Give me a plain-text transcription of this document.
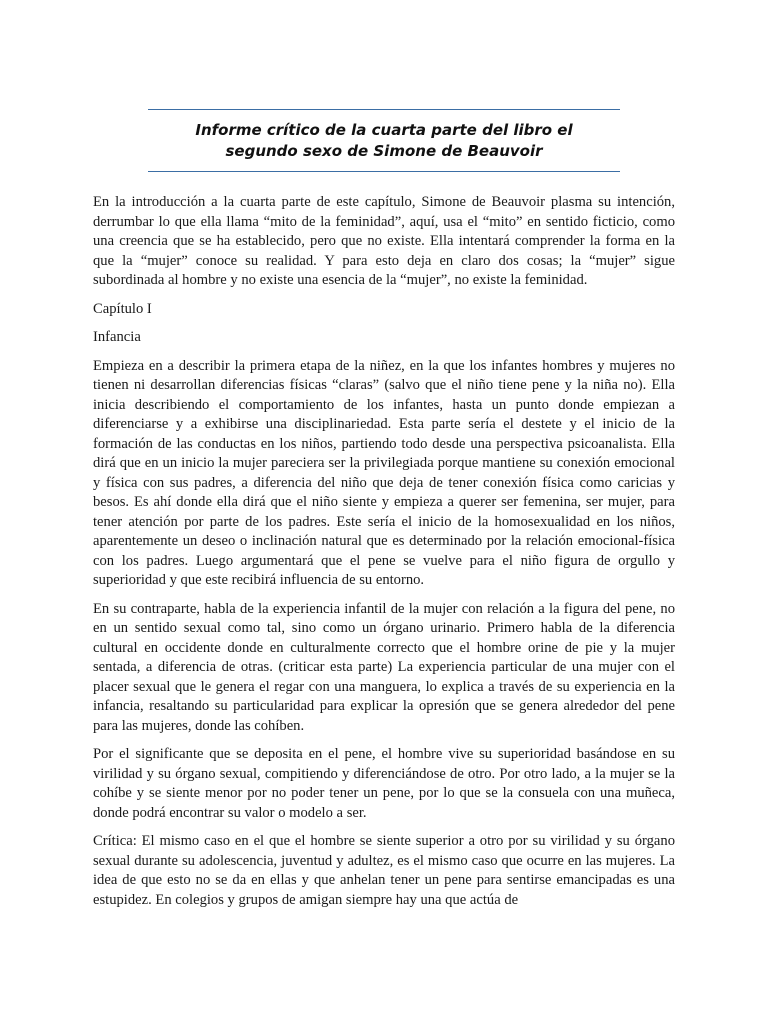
Informe crítico de la cuarta parte del libro el
segundo sexo de Simone de Beauvoir

En la introducción a la cuarta parte de este capítulo, Simone de Beauvoir plasma su intención, derrumbar lo que ella llama “mito de la feminidad”, aquí, usa el “mito” en sentido ficticio, como una creencia que se ha establecido, pero que no existe. Ella intentará comprender la forma en la que la “mujer” conoce su realidad. Y para esto deja en claro dos cosas; la “mujer” sigue subordinada al hombre y no existe una esencia de la “mujer”, no existe la feminidad.

Capítulo I

Infancia

Empieza en a describir la primera etapa de la niñez, en la que los infantes hombres y mujeres no tienen ni desarrollan diferencias físicas “claras” (salvo que el niño tiene pene y la niña no). Ella inicia describiendo el comportamiento de los infantes, hasta un punto donde empiezan a diferenciarse y a exhibirse una disciplinariedad. Esta parte sería el destete y el inicio de la formación de las conductas en los niños, partiendo todo desde una perspectiva psicoanalista. Ella dirá que en un inicio la mujer pareciera ser la privilegiada porque mantiene su conexión emocional y física con sus padres, a diferencia del niño que deja de tener conexión física como caricias y besos. Es ahí donde ella dirá que el niño siente y empieza a querer ser femenina, ser mujer, para tener atención por parte de los padres. Este sería el inicio de la homosexualidad en los niños, aparentemente un deseo o inclinación natural que es determinado por la relación emocional-física con los padres. Luego argumentará que el pene se vuelve para el niño figura de orgullo y superioridad y que este recibirá influencia de su entorno.

En su contraparte, habla de la experiencia infantil de la mujer con relación a la figura del pene, no en un sentido sexual como tal, sino como un órgano urinario. Primero habla de la diferencia cultural en occidente donde en culturalmente correcto que el hombre orine de pie y la mujer sentada, a diferencia de otras. (criticar esta parte) La experiencia particular de una mujer con el placer sexual que le genera el regar con una manguera, lo explica a través de su experiencia en la infancia, resaltando su particularidad para explicar la opresión que se genera alrededor del pene para las mujeres, donde las cohíben.

Por el significante que se deposita en el pene, el hombre vive su superioridad basándose en su virilidad y su órgano sexual, compitiendo y diferenciándose de otro. Por otro lado, a la mujer se la cohíbe y se siente menor por no poder tener un pene, por lo que se la consuela con una muñeca, donde podrá encontrar su valor o modelo a ser.

Crítica: El mismo caso en el que el hombre se siente superior a otro por su virilidad y su órgano sexual durante su adolescencia, juventud y adultez, es el mismo caso que ocurre en las mujeres. La idea de que esto no se da en ellas y que anhelan tener un pene para sentirse emancipadas es una estupidez. En colegios y grupos de amigan siempre hay una que actúa de
